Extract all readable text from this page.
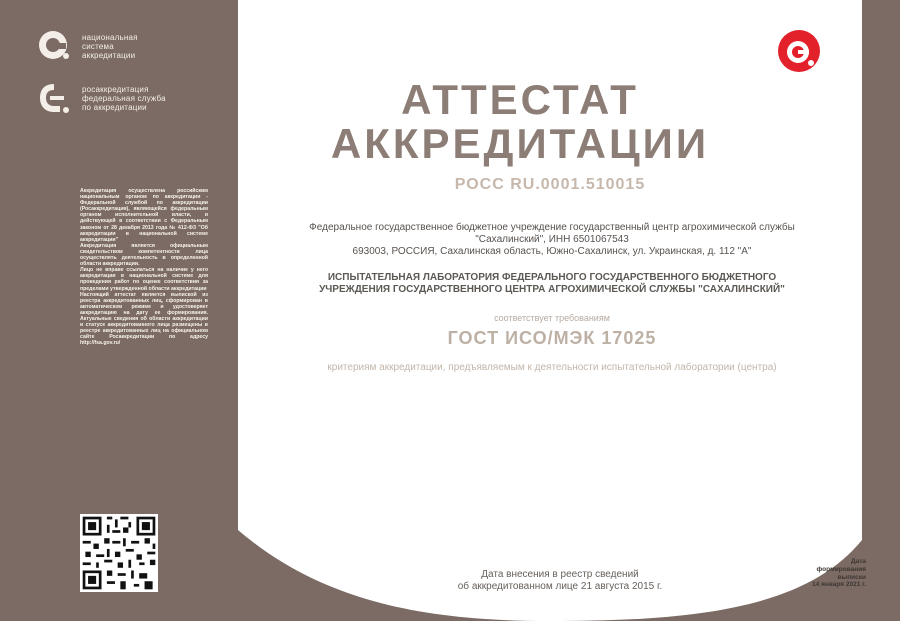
национальная
система
аккредитации
росаккредитация
федеральная служба
по аккредитации
Аккредитация осуществлена российским национальным органом по аккредитации - Федеральной службой по аккредитации (Росаккредитация), являющейся федеральным органом исполнительной власти, и действующей в соответствии с Федеральным законом от 28 декабря 2013 года № 412-ФЗ "Об аккредитации в национальной системе аккредитации"
Аккредитация является официальным свидетельством компетентности лица осуществлять деятельность в определенной области аккредитации.
Лицо не вправе ссылаться на наличие у него аккредитации в национальной системе для проведения работ по оценке соответствия за пределами утвержденной области аккредитации
Настоящий аттестат является выпиской из реестра аккредитованных лиц, сформирован в автоматическом режиме и удостоверяет аккредитацию на дату ее формирования. Актуальные сведения об области аккредитации и статусе аккредитованного лица размещены в реестре аккредитованных лиц на официальном сайте Росаккредитации по адресу http://fsa.gov.ru/
АТТЕСТАТ
АККРЕДИТАЦИИ
РОСС RU.0001.510015
Федеральное государственное бюджетное учреждение государственный центр агрохимической службы
"Сахалинский", ИНН 6501067543
693003, РОССИЯ, Сахалинская область, Южно-Сахалинск, ул. Украинская, д. 112 "А"
ИСПЫТАТЕЛЬНАЯ ЛАБОРАТОРИЯ ФЕДЕРАЛЬНОГО ГОСУДАРСТВЕННОГО БЮДЖЕТНОГО
УЧРЕЖДЕНИЯ ГОСУДАРСТВЕННОГО ЦЕНТРА АГРОХИМИЧЕСКОЙ СЛУЖБЫ "САХАЛИНСКИЙ"
соответствует требованиям
ГОСТ ИСО/МЭК 17025
критериям аккредитации, предъявляемым к деятельности испытательной лаборатории (центра)
Дата внесения в реестр сведений
об аккредитованном лице 21 августа 2015 г.
Дата
формирования
выписки
14 января 2021 г.
